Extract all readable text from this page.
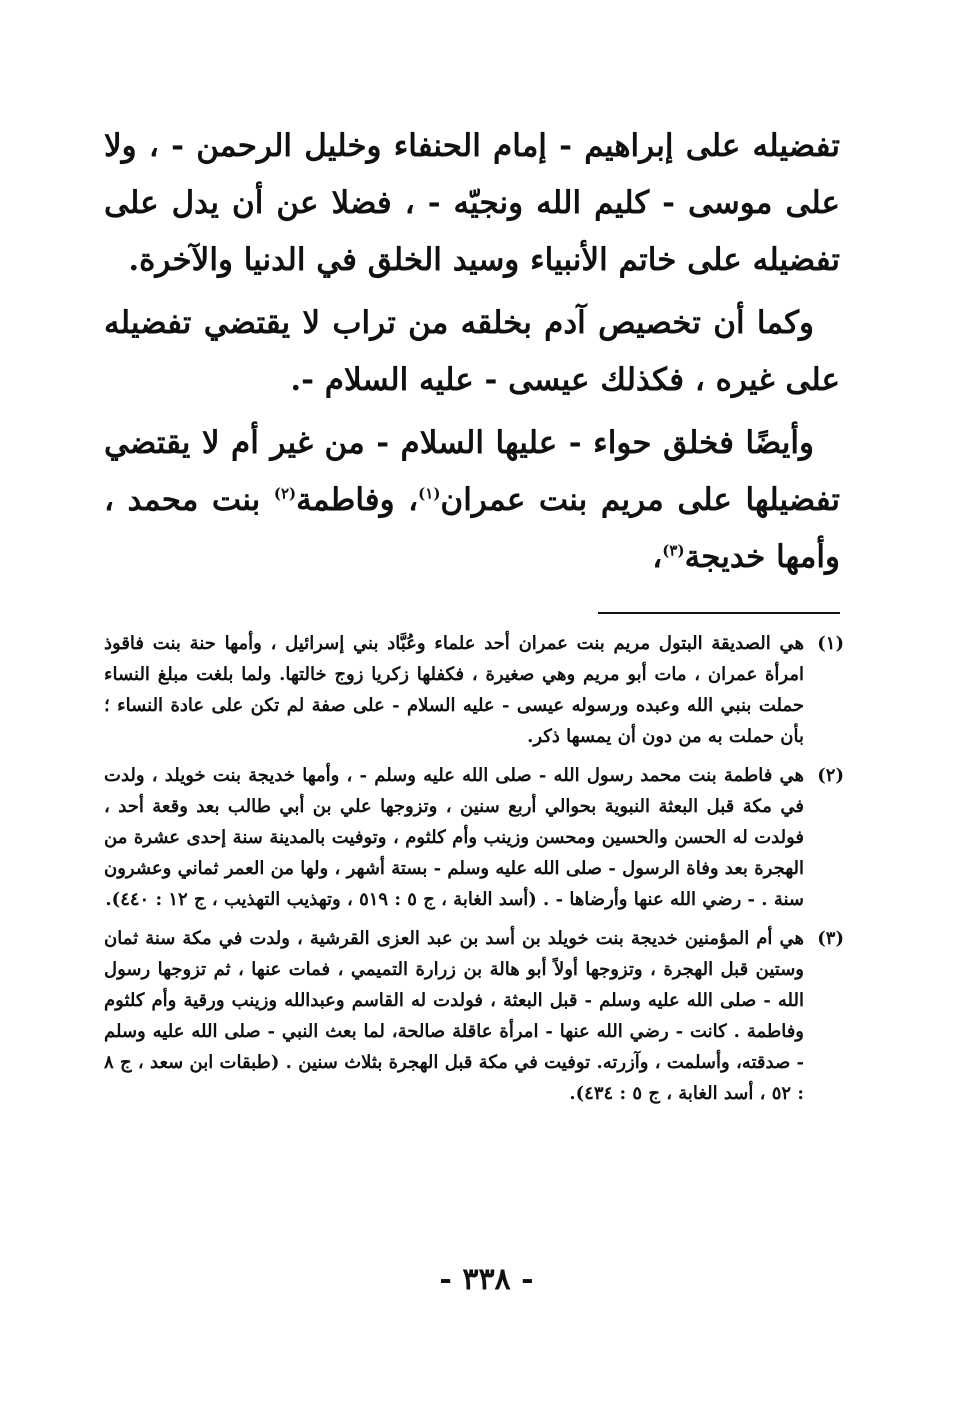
تفضيله على إبراهيم - إمام الحنفاء وخليل الرحمن - ، ولا على موسى - كليم الله ونجيّه - ، فضلا عن أن يدل على تفضيله على خاتم الأنبياء وسيد الخلق في الدنيا والآخرة.

وكما أن تخصيص آدم بخلقه من تراب لا يقتضي تفضيله على غيره ، فكذلك عيسى - عليه السلام -.

وأيضًا فخلق حواء - عليها السلام - من غير أم لا يقتضي تفضيلها على مريم بنت عمران$^{(١)}$، وفاطمة$^{(٢)}$ بنت محمد ، وأمها خديجة$^{(٣)}$،

(١)
هي الصديقة البتول مريم بنت عمران أحد علماء وعُبَّاد بني إسرائيل ، وأمها حنة بنت فاقوذ امرأة عمران ، مات أبو مريم وهي صغيرة ، فكفلها زكريا زوج خالتها. ولما بلغت مبلغ النساء حملت بنبي الله وعبده ورسوله عيسى - عليه السلام - على صفة لم تكن على عادة النساء ؛ بأن حملت به من دون أن يمسها ذكر.
(٢)
هي فاطمة بنت محمد رسول الله - صلى الله عليه وسلم - ، وأمها خديجة بنت خويلد ، ولدت في مكة قبل البعثة النبوية بحوالي أربع سنين ، وتزوجها علي بن أبي طالب بعد وقعة أحد ، فولدت له الحسن والحسين ومحسن وزينب وأم كلثوم ، وتوفيت بالمدينة سنة إحدى عشرة من الهجرة بعد وفاة الرسول - صلى الله عليه وسلم - بستة أشهر ، ولها من العمر ثماني وعشرون سنة . - رضي الله عنها وأرضاها - . (أسد الغابة ، ج ٥ : ٥١٩ ، وتهذيب التهذيب ، ج ١٢ : ٤٤٠).
(٣)
هي أم المؤمنين خديجة بنت خويلد بن أسد بن عبد العزى القرشية ، ولدت في مكة سنة ثمان وستين قبل الهجرة ، وتزوجها أولاً أبو هالة بن زرارة التميمي ، فمات عنها ، ثم تزوجها رسول الله - صلى الله عليه وسلم - قبل البعثة ، فولدت له القاسم وعبدالله وزينب ورقية وأم كلثوم وفاطمة . كانت - رضي الله عنها - امرأة عاقلة صالحة، لما بعث النبي - صلى الله عليه وسلم - صدقته، وأسلمت ، وآزرته. توفيت في مكة قبل الهجرة بثلاث سنين . (طبقات ابن سعد ، ج ٨ : ٥٢ ، أسد الغابة ، ج ٥ : ٤٣٤).
- ٣٣٨ -
